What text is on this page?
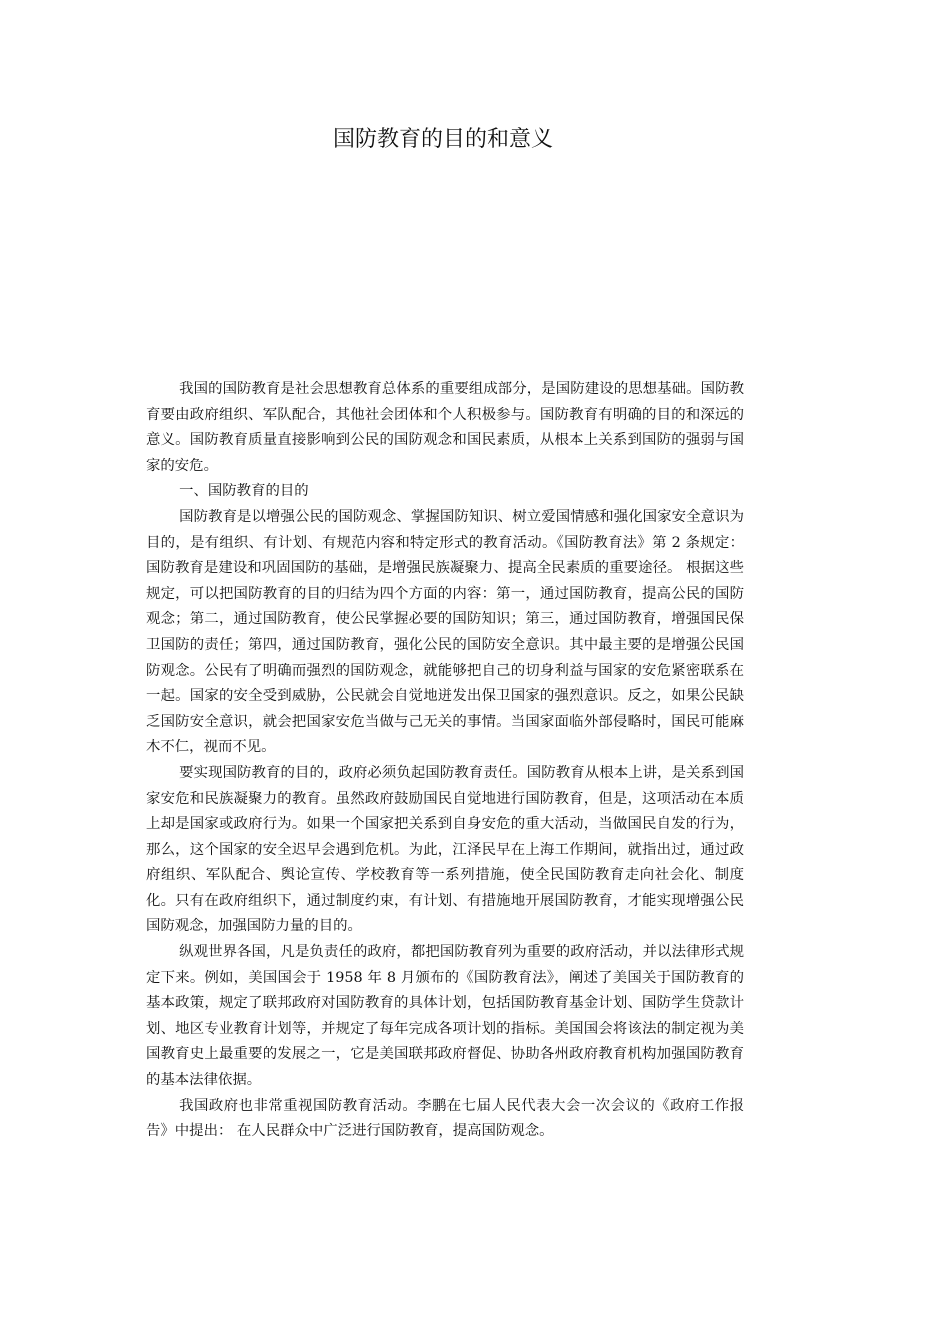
国防教育的目的和意义

我国的国防教育是社会思想教育总体系的重要组成部分，是国防建设的思想基础。国防教育要由政府组织、军队配合，其他社会团体和个人积极参与。国防教育有明确的目的和深远的意义。国防教育质量直接影响到公民的国防观念和国民素质，从根本上关系到国防的强弱与国家的安危。

一、国防教育的目的

国防教育是以增强公民的国防观念、掌握国防知识、树立爱国情感和强化国家安全意识为目的，是有组织、有计划、有规范内容和特定形式的教育活动。《国防教育法》第 2 条规定： 国防教育是建设和巩固国防的基础，是增强民族凝聚力、提高全民素质的重要途径。 根据这些规定，可以把国防教育的目的归结为四个方面的内容：第一，通过国防教育，提高公民的国防观念；第二，通过国防教育，使公民掌握必要的国防知识；第三，通过国防教育，增强国民保卫国防的责任；第四，通过国防教育，强化公民的国防安全意识。其中最主要的是增强公民国防观念。公民有了明确而强烈的国防观念，就能够把自己的切身利益与国家的安危紧密联系在一起。国家的安全受到威胁，公民就会自觉地迸发出保卫国家的强烈意识。反之，如果公民缺乏国防安全意识，就会把国家安危当做与己无关的事情。当国家面临外部侵略时，国民可能麻木不仁，视而不见。

要实现国防教育的目的，政府必须负起国防教育责任。国防教育从根本上讲，是关系到国家安危和民族凝聚力的教育。虽然政府鼓励国民自觉地进行国防教育，但是，这项活动在本质上却是国家或政府行为。如果一个国家把关系到自身安危的重大活动，当做国民自发的行为，那么，这个国家的安全迟早会遇到危机。为此，江泽民早在上海工作期间，就指出过，通过政府组织、军队配合、舆论宣传、学校教育等一系列措施，使全民国防教育走向社会化、制度化。只有在政府组织下，通过制度约束，有计划、有措施地开展国防教育，才能实现增强公民国防观念，加强国防力量的目的。

纵观世界各国，凡是负责任的政府，都把国防教育列为重要的政府活动，并以法律形式规定下来。例如，美国国会于 1958 年 8 月颁布的《国防教育法》，阐述了美国关于国防教育的基本政策，规定了联邦政府对国防教育的具体计划，包括国防教育基金计划、国防学生贷款计划、地区专业教育计划等，并规定了每年完成各项计划的指标。美国国会将该法的制定视为美国教育史上最重要的发展之一，它是美国联邦政府督促、协助各州政府教育机构加强国防教育的基本法律依据。

我国政府也非常重视国防教育活动。李鹏在七届人民代表大会一次会议的《政府工作报告》中提出： 在人民群众中广泛进行国防教育，提高国防观念。
